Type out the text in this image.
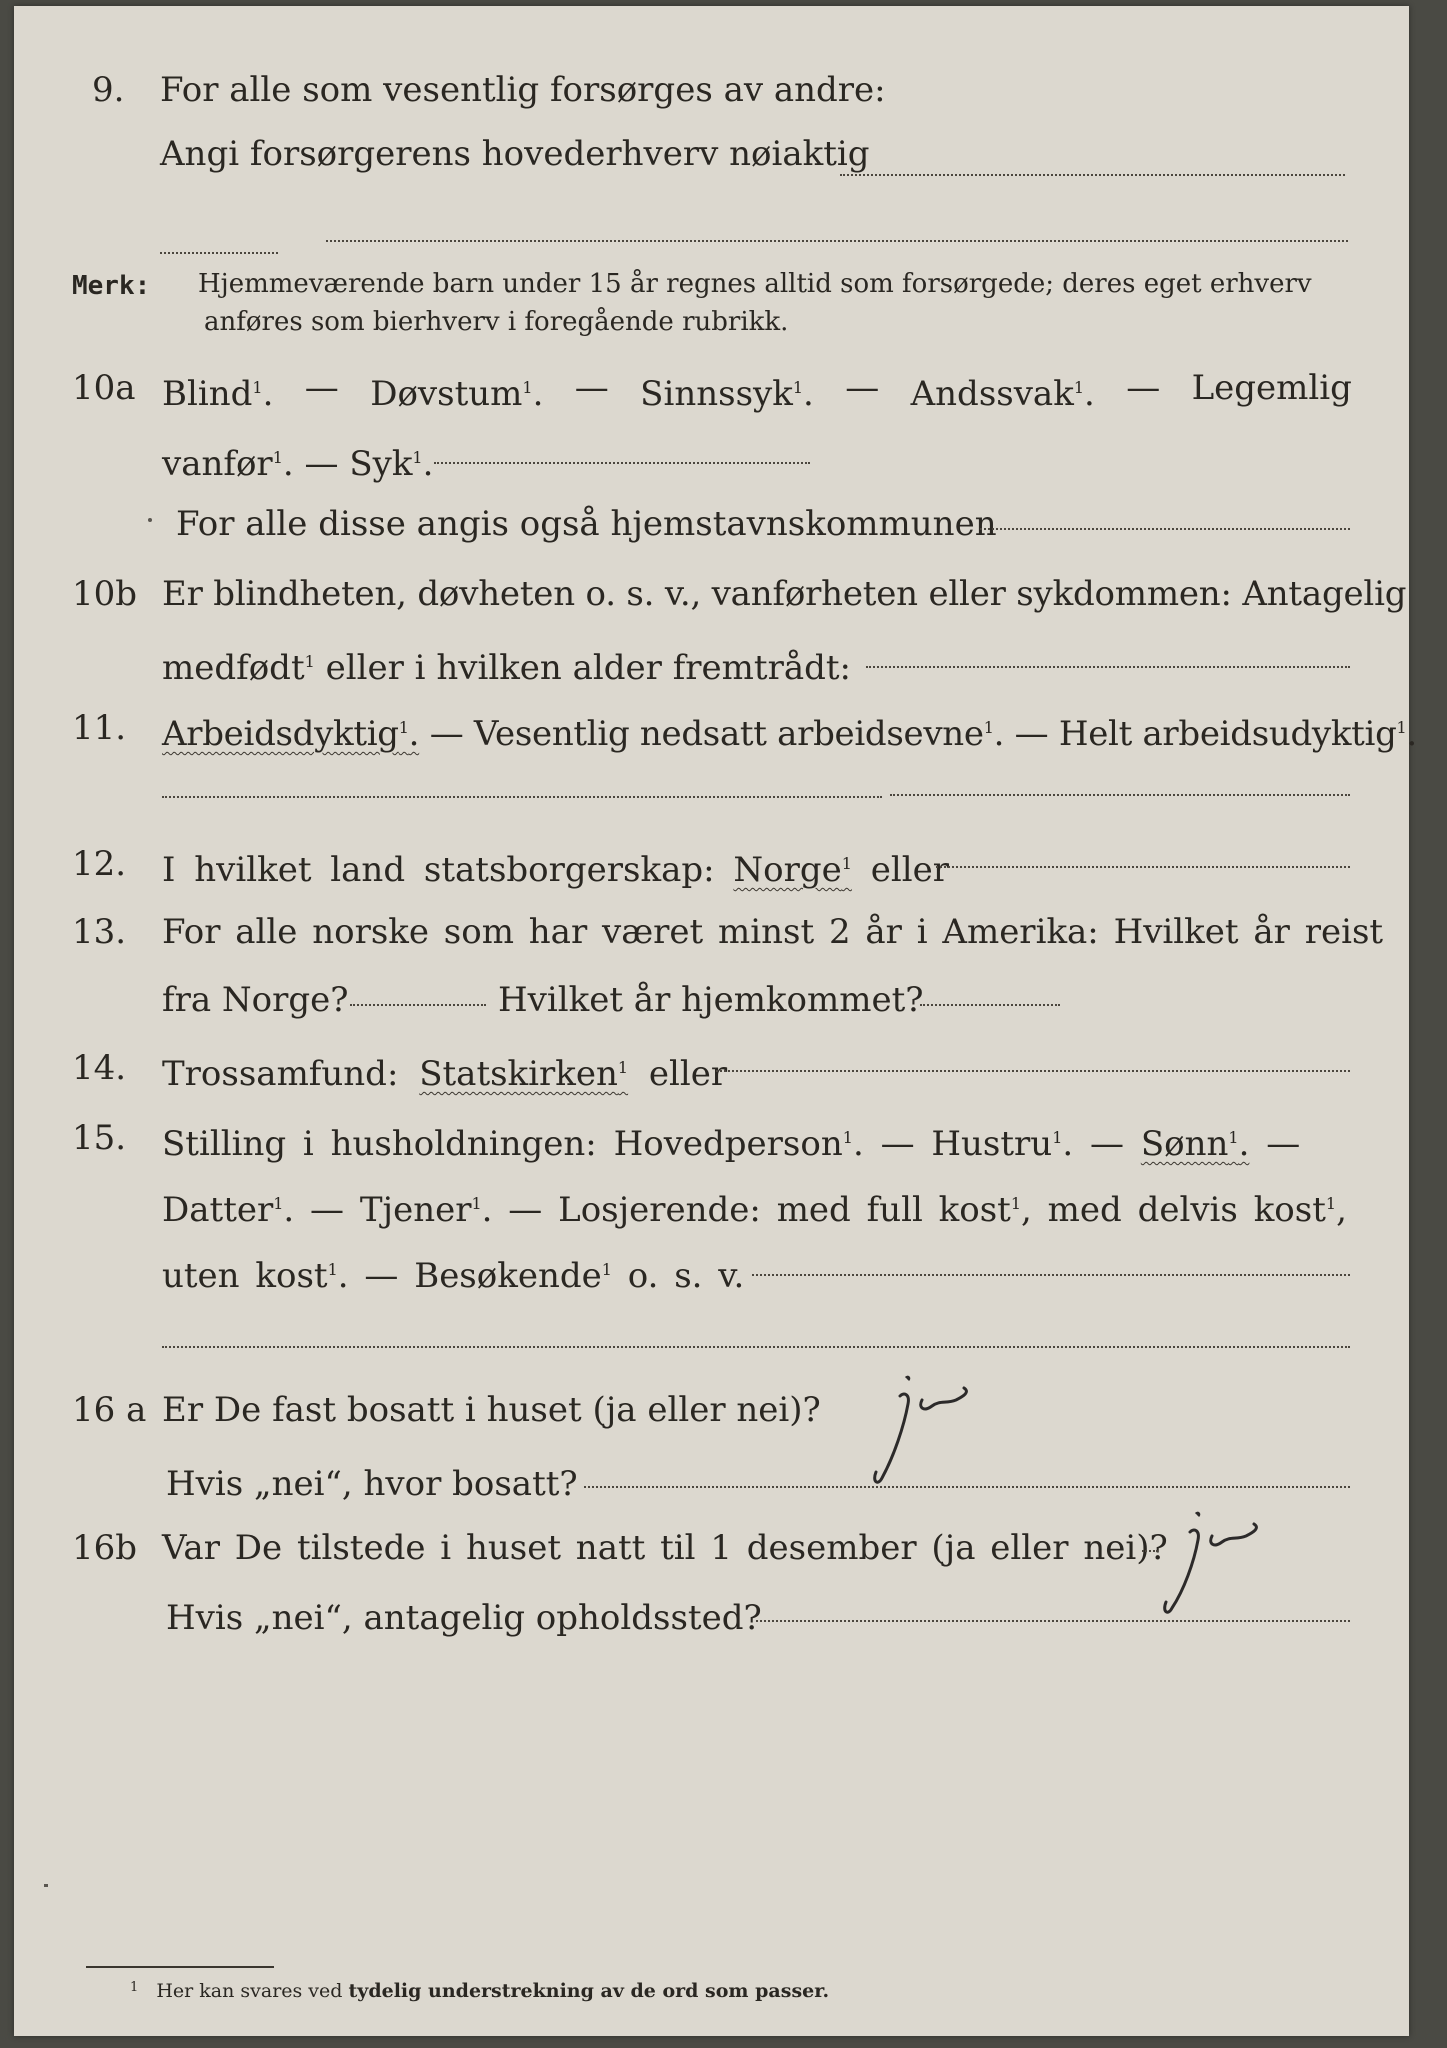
9. For alle som vesentlig forsørges av andre:
Angi forsørgerens hovederhverv nøiaktig
Merk: Hjemmeværende barn under 15 år regnes alltid som forsørgede; deres eget erhverv
anføres som bierhverv i foregående rubrikk.
10a Blind$^1$. — Døvstum$^1$. — Sinnssyk$^1$. — Andssvak$^1$. — Legemlig
vanfør$^1$. — Syk$^1$.
For alle disse angis også hjemstavnskommunen
10b Er blindheten, døvheten o. s. v., vanførheten eller sykdommen: Antagelig
medfødt$^1$ eller i hvilken alder fremtrådt:
11. Arbeidsdyktig$^1$. — Vesentlig nedsatt arbeidsevne$^1$. — Helt arbeidsudyktig$^1$.
12. I hvilket land statsborgerskap: Norge$^1$ eller
13. For alle norske som har været minst 2 år i Amerika: Hvilket år reist
fra Norge?	Hvilket år hjemkommet?
14. Trossamfund: Statskirken$^1$ eller
15. Stilling i husholdningen: Hovedperson$^1$. — Hustru$^1$. — Sønn$^1$. —
Datter$^1$. — Tjener$^1$. — Losjerende: med full kost$^1$, med delvis kost$^1$,
uten kost$^1$. — Besøkende$^1$ o. s. v.
16 a Er De fast bosatt i huset (ja eller nei)?
Hvis „nei“, hvor bosatt?
16b Var De tilstede i huset natt til 1 desember (ja eller nei)?
Hvis „nei“, antagelig opholdssted?
$^1$ Her kan svares ved tydelig understrekning av de ord som passer.
